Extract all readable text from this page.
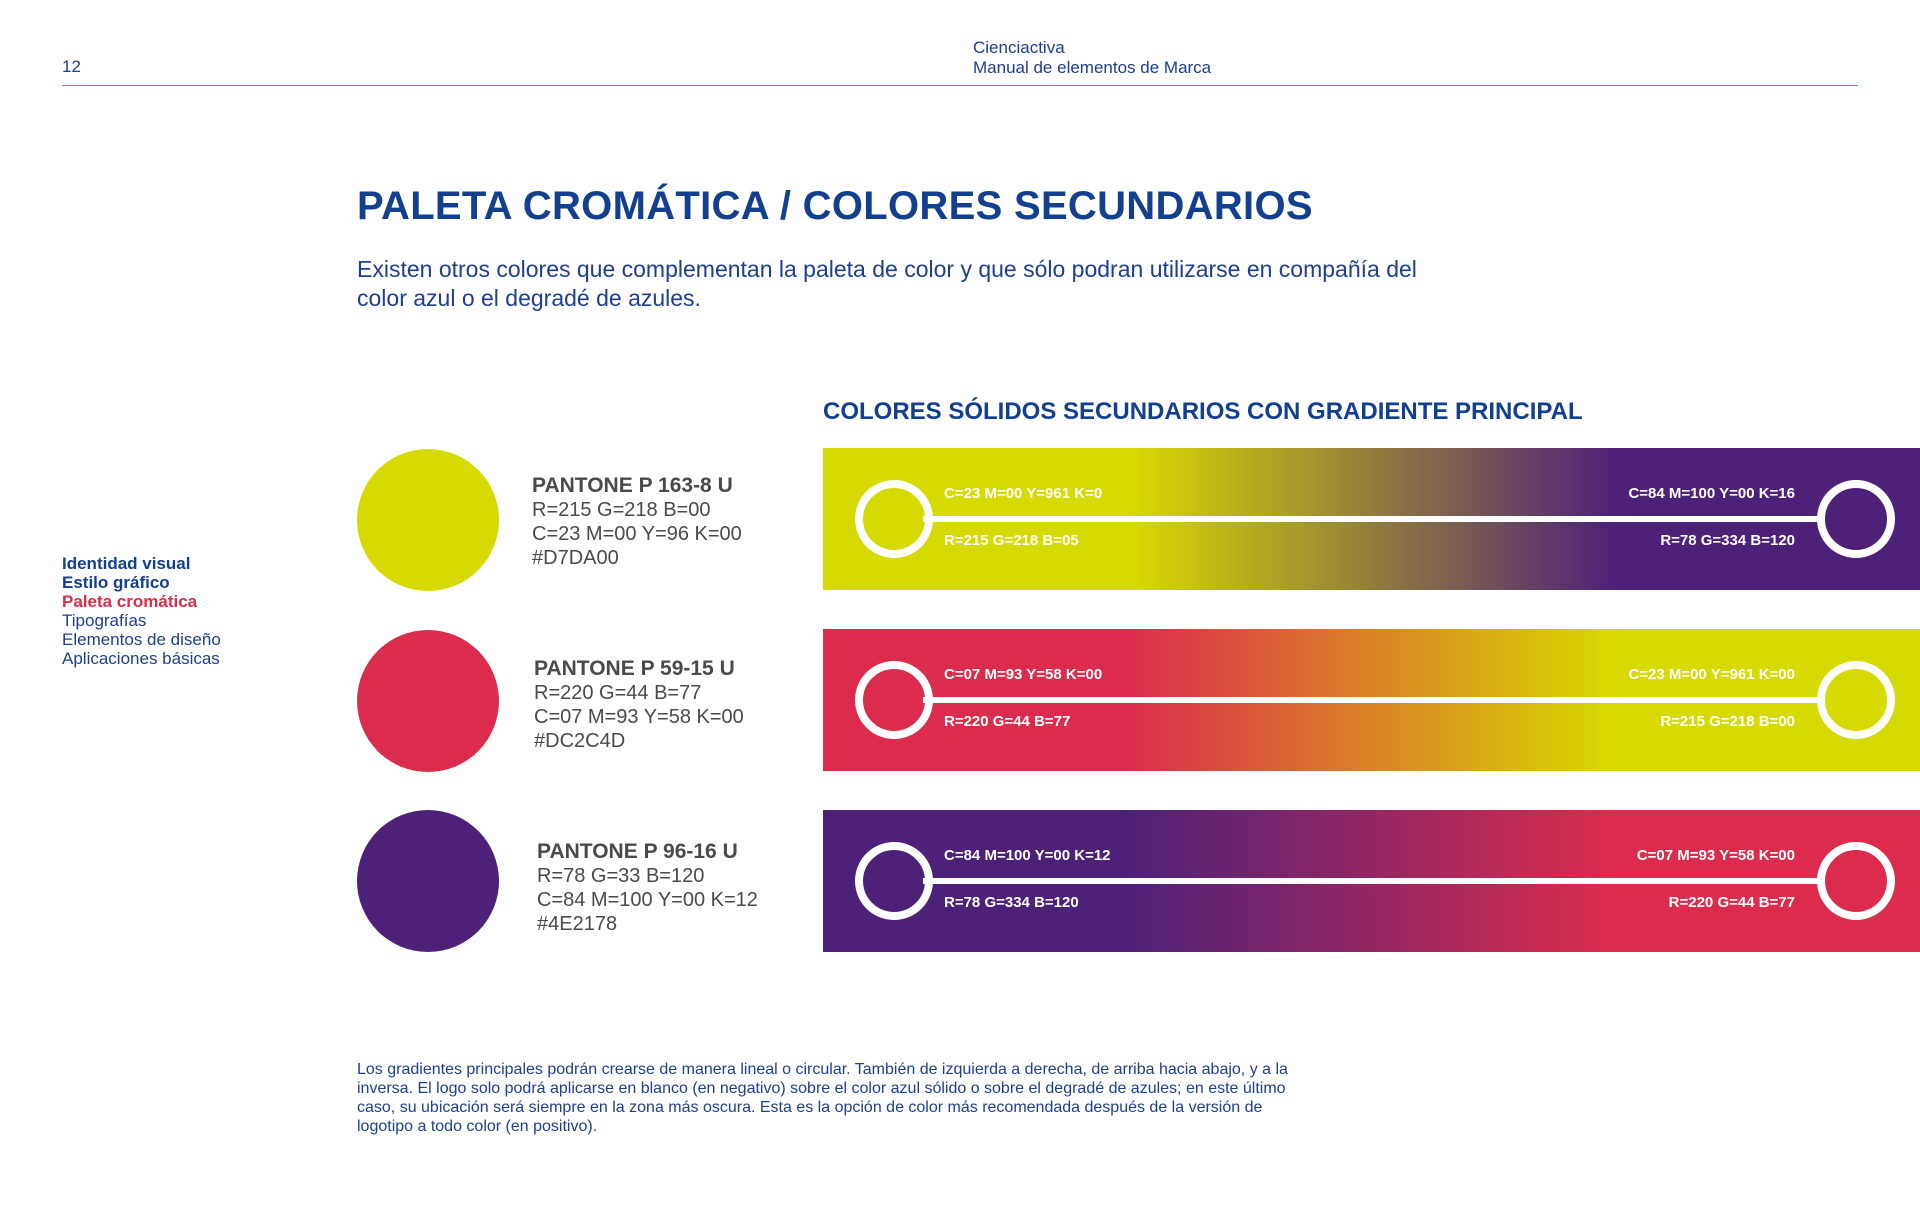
12
Cienciactiva
Manual de elementos de Marca
PALETA CROMÁTICA / COLORES SECUNDARIOS
Existen otros colores que complementan la paleta de color y que sólo podran utilizarse en compañía del color azul o el degradé de azules.
Identidad visual
Estilo gráfico
Paleta cromática
Tipografías
Elementos de diseño
Aplicaciones básicas
COLORES SÓLIDOS SECUNDARIOS CON GRADIENTE PRINCIPAL
PANTONE P 163-8 U
R=215 G=218 B=00
C=23 M=00 Y=96 K=00
#D7DA00
PANTONE P 59-15 U
R=220 G=44 B=77
C=07 M=93 Y=58 K=00
#DC2C4D
PANTONE P 96-16 U
R=78 G=33 B=120
C=84 M=100 Y=00 K=12
#4E2178
C=23 M=00 Y=961 K=0
R=215 G=218 B=05
C=84 M=100 Y=00 K=16
R=78 G=334 B=120
C=07 M=93 Y=58 K=00
R=220 G=44 B=77
C=23 M=00 Y=961 K=00
R=215 G=218 B=00
C=84 M=100 Y=00 K=12
R=78 G=334 B=120
C=07 M=93 Y=58 K=00
R=220 G=44 B=77
Los gradientes principales podrán crearse de manera lineal o circular. También de izquierda a derecha, de arriba hacia abajo, y a la inversa. El logo solo podrá aplicarse en blanco (en negativo) sobre el color azul sólido o sobre el degradé de azules; en este último caso, su ubicación será siempre en la zona más oscura. Esta es la opción de color más recomendada después de la versión de logotipo a todo color (en positivo).
